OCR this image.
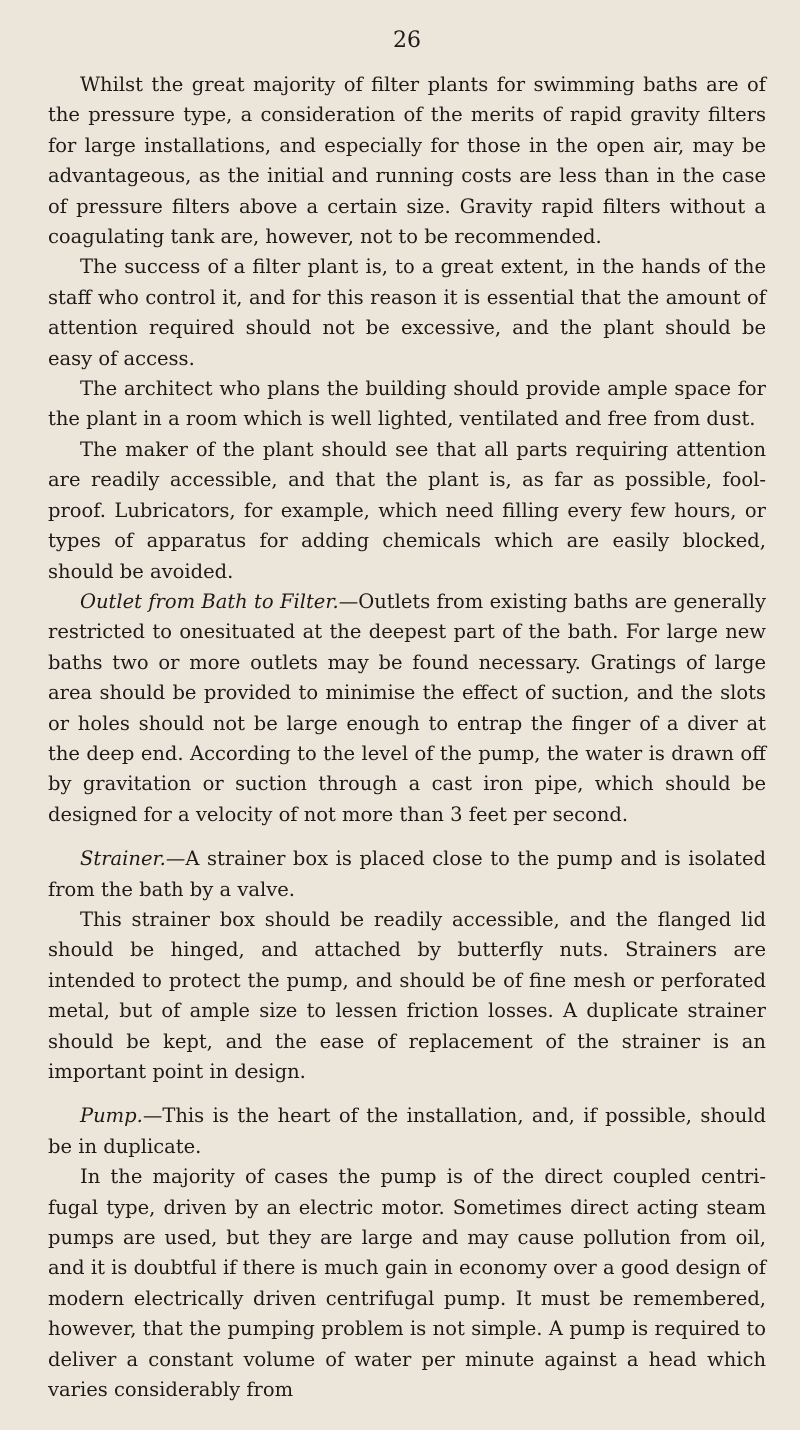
26

Whilst the great majority of filter plants for swimming baths are of the pressure type, a consideration of the merits of rapid gravity filters for large installations, and especially for those in the open air, may be advantageous, as the initial and running costs are less than in the case of pressure filters above a certain size. Gravity rapid filters without a coagulating tank are, however, not to be recommended.

The success of a filter plant is, to a great extent, in the hands of the staff who control it, and for this reason it is essential that the amount of attention required should not be excessive, and the plant should be easy of access.

The architect who plans the building should provide ample space for the plant in a room which is well lighted, ventilated and free from dust.

The maker of the plant should see that all parts requiring attention are readily accessible, and that the plant is, as far as possible, fool-proof. Lubricators, for example, which need filling every few hours, or types of apparatus for adding chemicals which are easily blocked, should be avoided.

Outlet from Bath to Filter.—Outlets from existing baths are generally restricted to onesituated at the deepest part of the bath. For large new baths two or more outlets may be found necessary. Gratings of large area should be provided to minimise the effect of suction, and the slots or holes should not be large enough to entrap the finger of a diver at the deep end. According to the level of the pump, the water is drawn off by gravitation or suction through a cast iron pipe, which should be designed for a velocity of not more than 3 feet per second.

Strainer.—A strainer box is placed close to the pump and is isolated from the bath by a valve.

This strainer box should be readily accessible, and the flanged lid should be hinged, and attached by butterfly nuts. Strainers are intended to protect the pump, and should be of fine mesh or perforated metal, but of ample size to lessen friction losses. A duplicate strainer should be kept, and the ease of replacement of the strainer is an important point in design.

Pump.—This is the heart of the installation, and, if possible, should be in duplicate.

In the majority of cases the pump is of the direct coupled centri-fugal type, driven by an electric motor. Sometimes direct acting steam pumps are used, but they are large and may cause pollution from oil, and it is doubtful if there is much gain in economy over a good design of modern electrically driven centrifugal pump. It must be remembered, however, that the pumping problem is not simple. A pump is required to deliver a constant volume of water per minute against a head which varies considerably from
